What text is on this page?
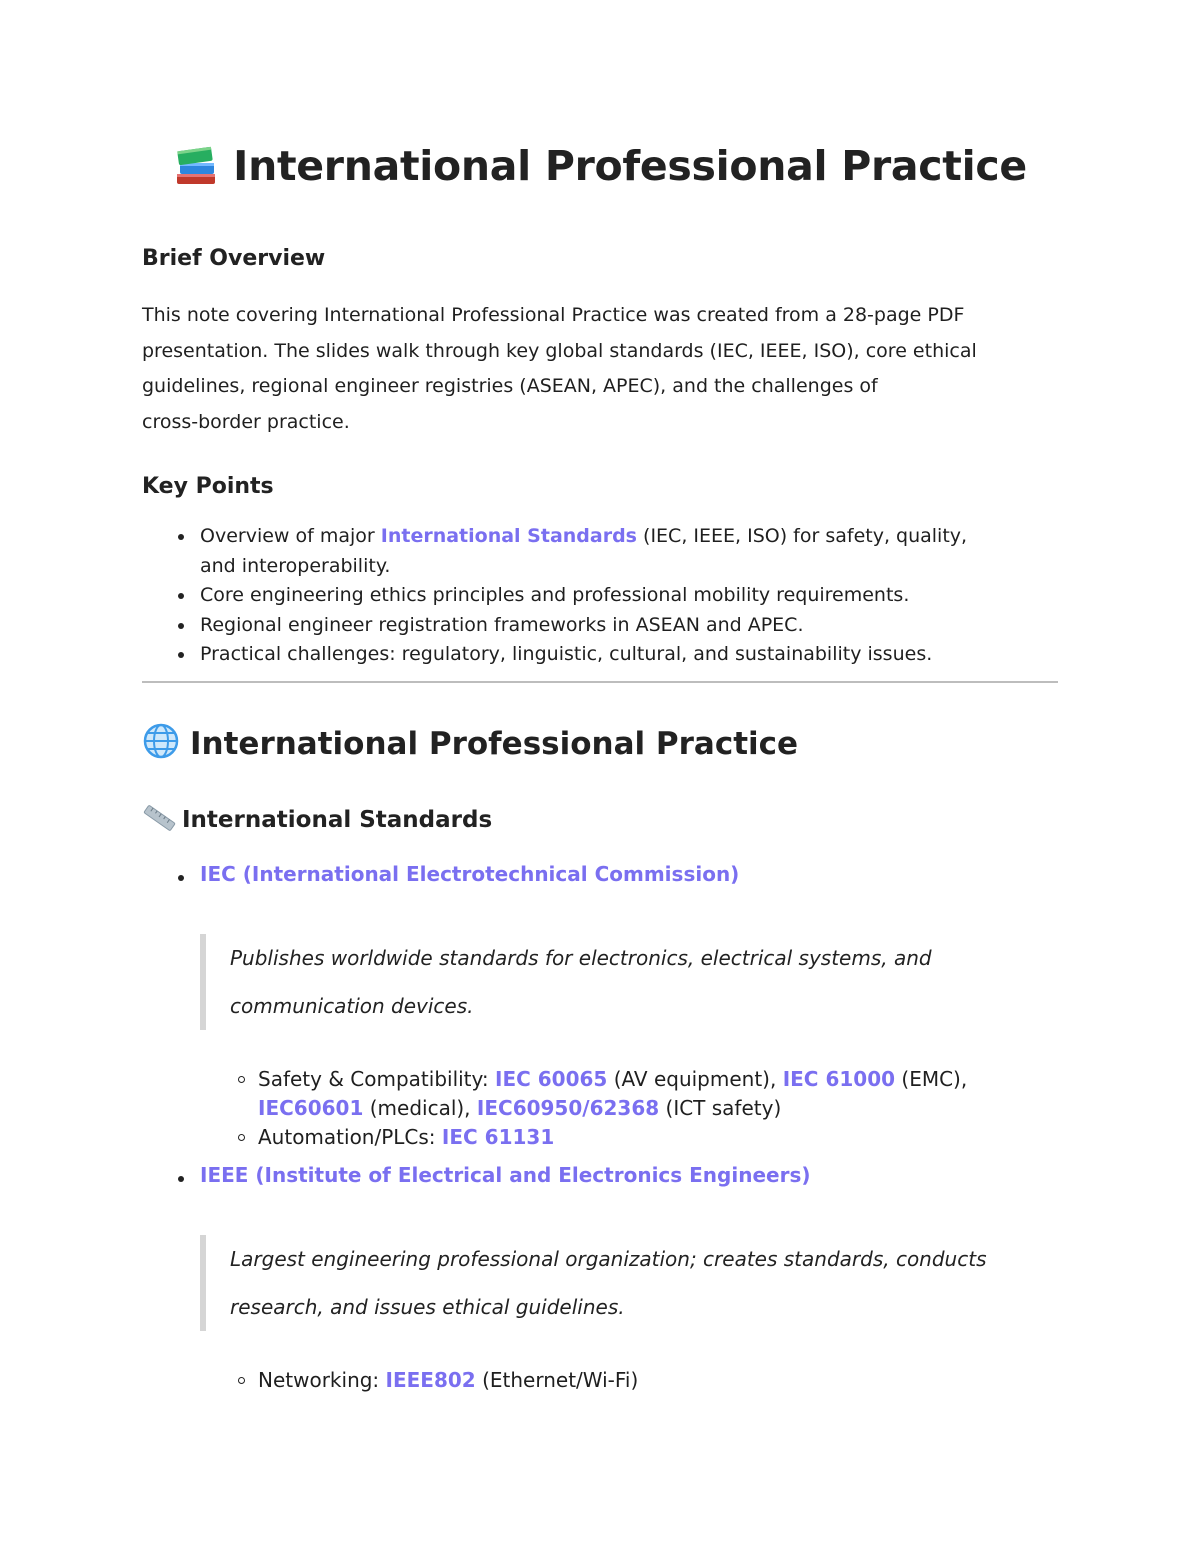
International Professional Practice
Brief Overview
This note covering International Professional Practice was created from a 28-page PDF
presentation. The slides walk through key global standards (IEC, IEEE, ISO), core ethical
guidelines, regional engineer registries (ASEAN, APEC), and the challenges of
cross-border practice.
Key Points
Overview of major International Standards (IEC, IEEE, ISO) for safety, quality,
and interoperability.
Core engineering ethics principles and professional mobility requirements.
Regional engineer registration frameworks in ASEAN and APEC.
Practical challenges: regulatory, linguistic, cultural, and sustainability issues.
International Professional Practice
International Standards
IEC (International Electrotechnical Commission)
Publishes worldwide standards for electronics, electrical systems, and
communication devices.
Safety & Compatibility: IEC 60065 (AV equipment), IEC 61000 (EMC),
IEC60601 (medical), IEC60950/62368 (ICT safety)
Automation/PLCs: IEC 61131
IEEE (Institute of Electrical and Electronics Engineers)
Largest engineering professional organization; creates standards, conducts
research, and issues ethical guidelines.
Networking: IEEE802 (Ethernet/Wi-Fi)
